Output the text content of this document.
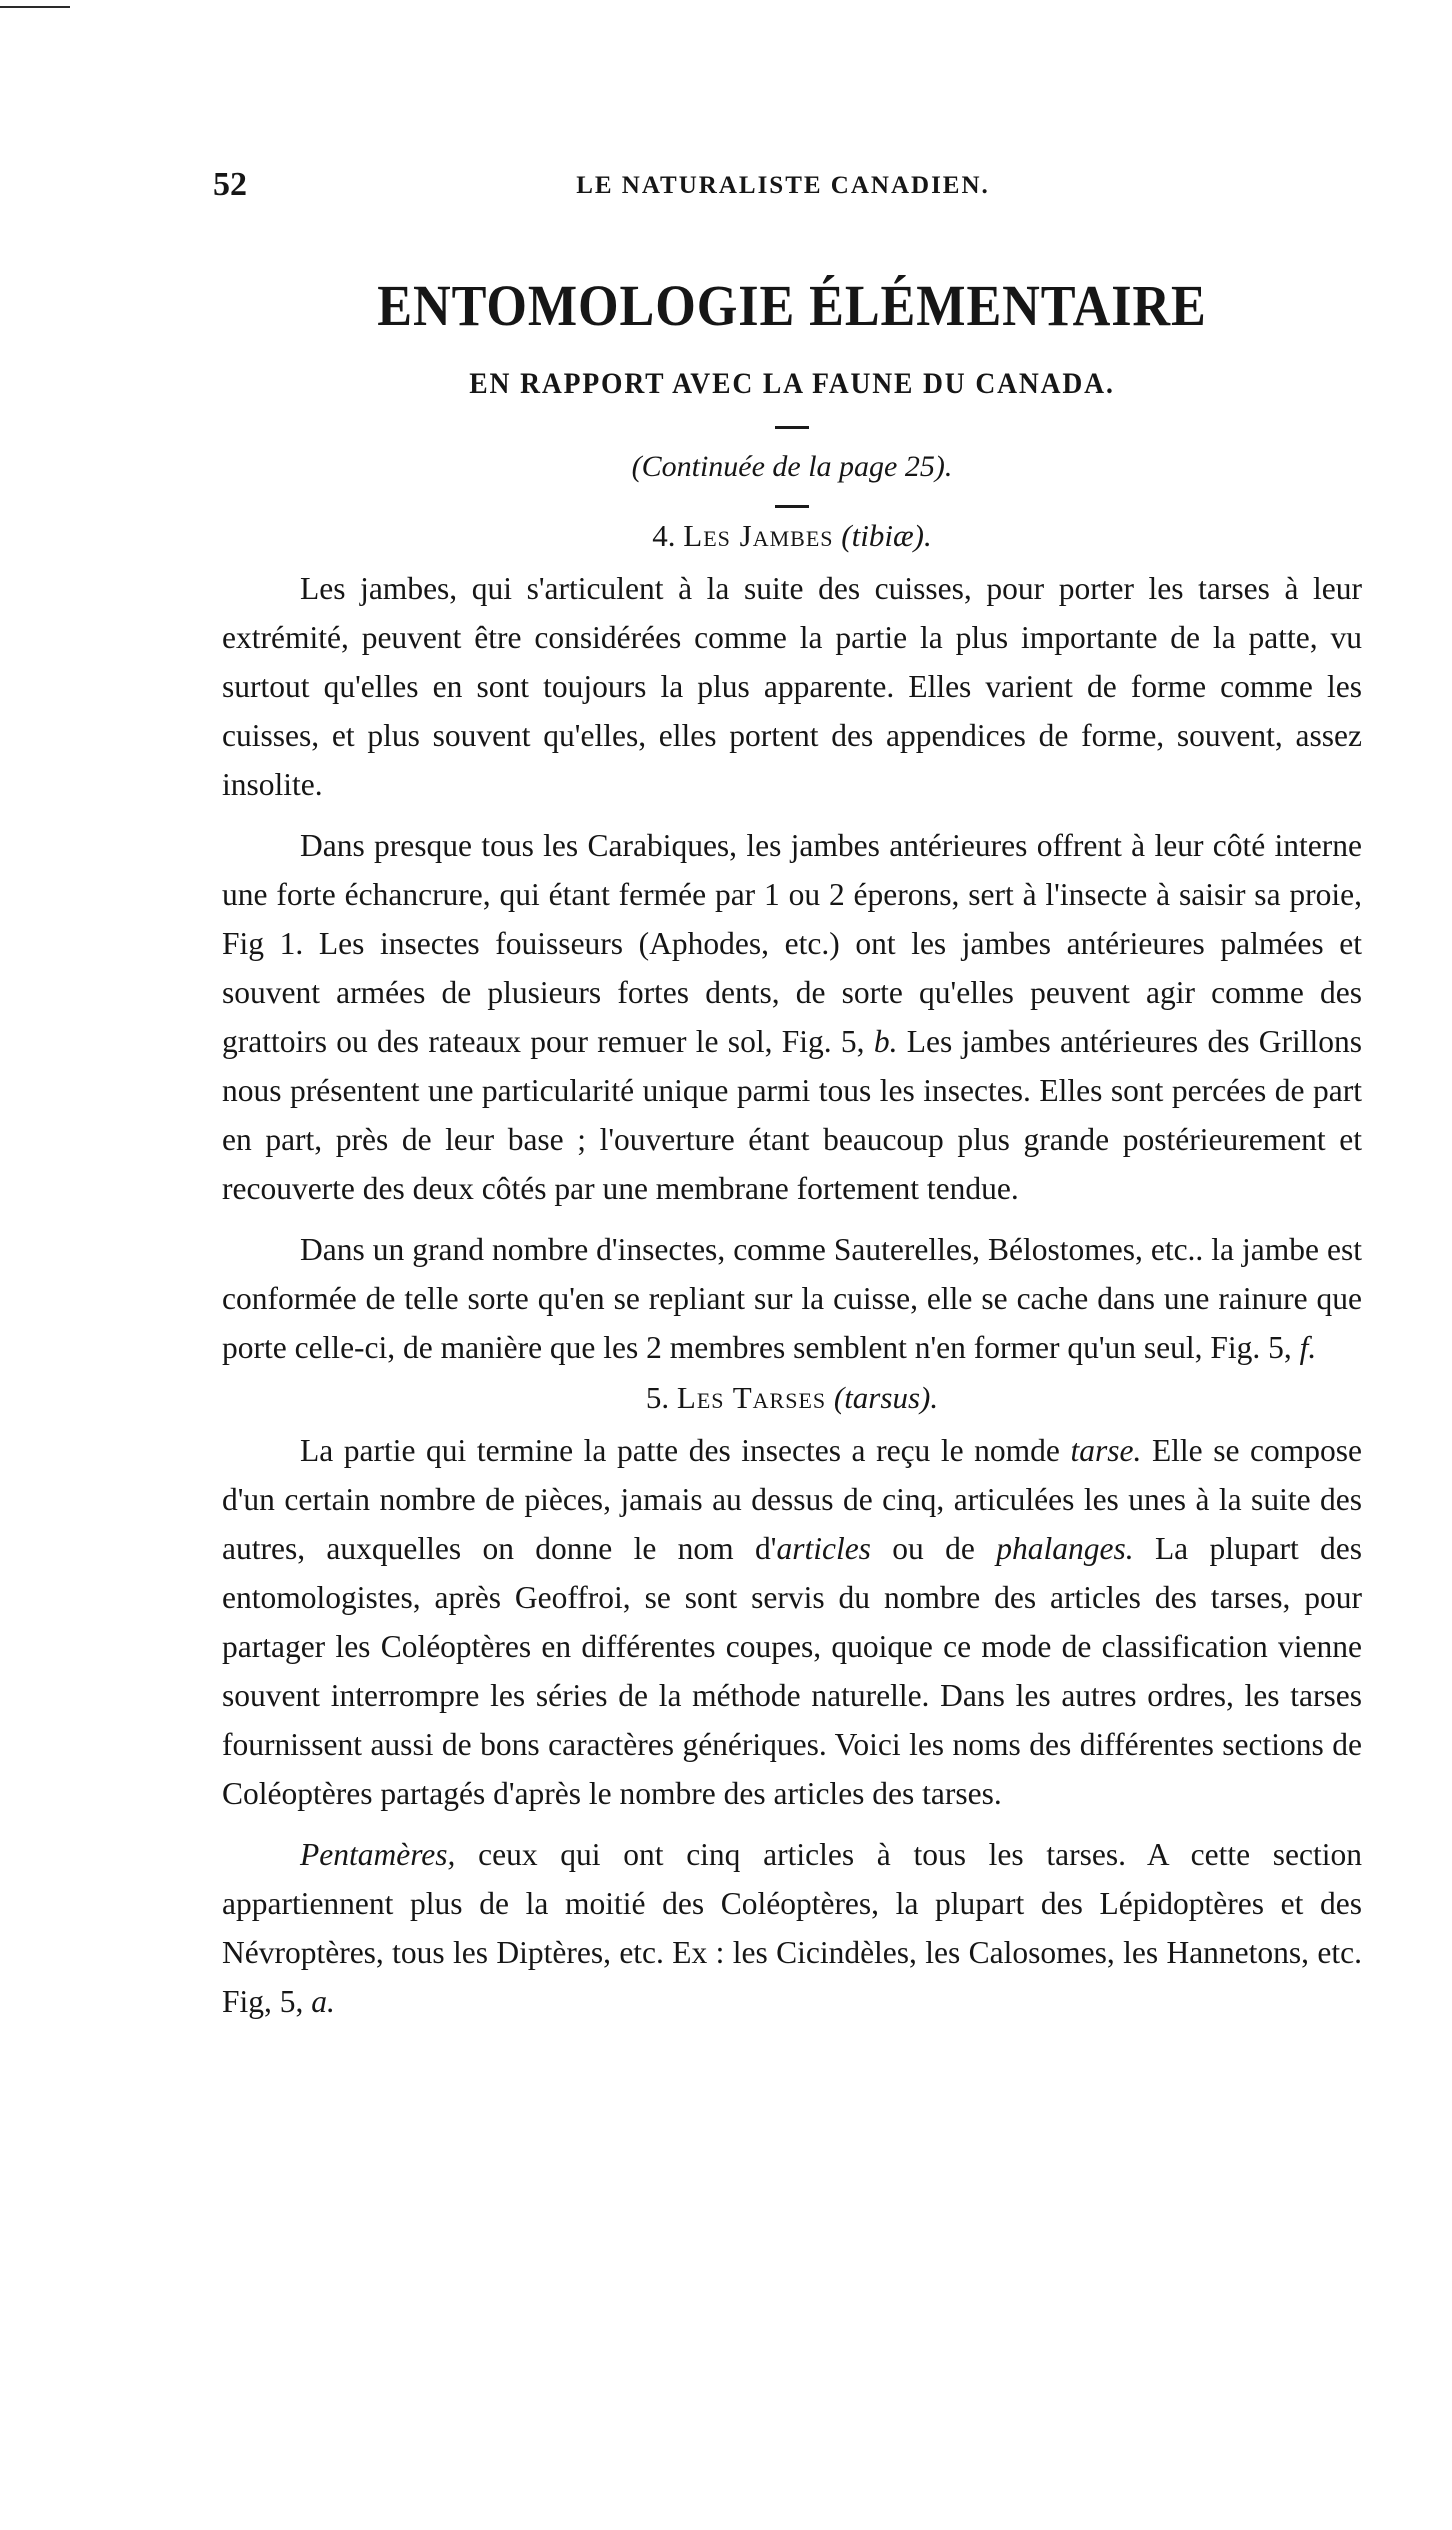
52	LE NATURALISTE CANADIEN.
ENTOMOLOGIE ÉLÉMENTAIRE
EN RAPPORT AVEC LA FAUNE DU CANADA.
(Continuée de la page 25).
4. Les Jambes (tibiæ).

Les jambes, qui s'articulent à la suite des cuisses, pour porter les tarses à leur extrémité, peuvent être considérées comme la partie la plus importante de la patte, vu surtout qu'elles en sont toujours la plus apparente. Elles varient de forme comme les cuisses, et plus souvent qu'elles, elles portent des appendices de forme, souvent, assez insolite.

Dans presque tous les Carabiques, les jambes antérieures offrent à leur côté interne une forte échancrure, qui étant fermée par 1 ou 2 éperons, sert à l'insecte à saisir sa proie, Fig 1. Les insectes fouisseurs (Aphodes, etc.) ont les jambes antérieures palmées et souvent armées de plusieurs fortes dents, de sorte qu'elles peuvent agir comme des grattoirs ou des rateaux pour remuer le sol, Fig. 5, b. Les jambes antérieures des Grillons nous présentent une particularité unique parmi tous les insectes. Elles sont percées de part en part, près de leur base ; l'ouverture étant beaucoup plus grande postérieurement et recouverte des deux côtés par une membrane fortement tendue.

Dans un grand nombre d'insectes, comme Sauterelles, Bélostomes, etc.. la jambe est conformée de telle sorte qu'en se repliant sur la cuisse, elle se cache dans une rainure que porte celle-ci, de manière que les 2 membres semblent n'en former qu'un seul, Fig. 5, f.

5. Les Tarses (tarsus).

La partie qui termine la patte des insectes a reçu le nomde tarse. Elle se compose d'un certain nombre de pièces, jamais au dessus de cinq, articulées les unes à la suite des autres, auxquelles on donne le nom d'articles ou de phalanges. La plupart des entomologistes, après Geoffroi, se sont servis du nombre des articles des tarses, pour partager les Coléoptères en différentes coupes, quoique ce mode de classification vienne souvent interrompre les séries de la méthode naturelle. Dans les autres ordres, les tarses fournissent aussi de bons caractères génériques. Voici les noms des différentes sections de Coléoptères partagés d'après le nombre des articles des tarses.

Pentamères, ceux qui ont cinq articles à tous les tarses. A cette section appartiennent plus de la moitié des Coléoptères, la plupart des Lépidoptères et des Névroptères, tous les Diptères, etc. Ex : les Cicindèles, les Calosomes, les Hannetons, etc. Fig, 5, a.
